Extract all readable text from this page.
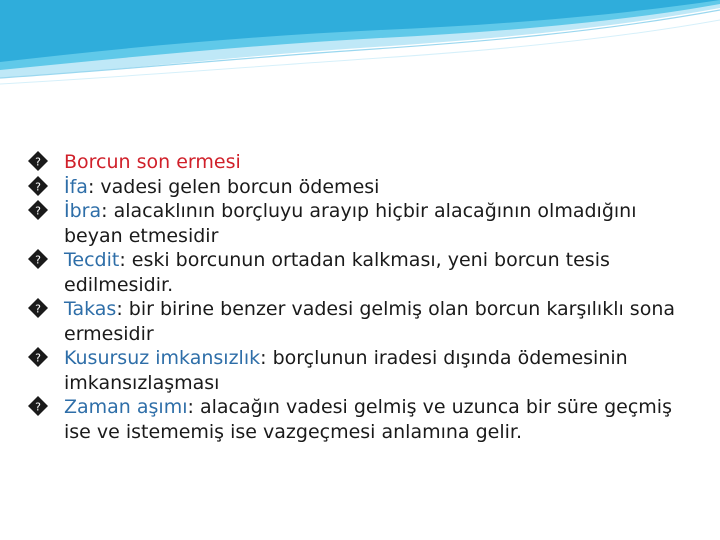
? Borcun son ermesi
? İfa: vadesi gelen borcun ödemesi
? İbra: alacaklının borçluyu arayıp hiçbir alacağının olmadığını beyan etmesidir
? Tecdit: eski borcunun ortadan kalkması, yeni borcun tesis edilmesidir.
? Takas: bir birine benzer vadesi gelmiş olan borcun karşılıklı sona ermesidir
? Kusursuz imkansızlık: borçlunun iradesi dışında ödemesinin imkansızlaşması
? Zaman aşımı: alacağın vadesi gelmiş ve uzunca bir süre geçmiş ise ve istememiş ise vazgeçmesi anlamına gelir.
